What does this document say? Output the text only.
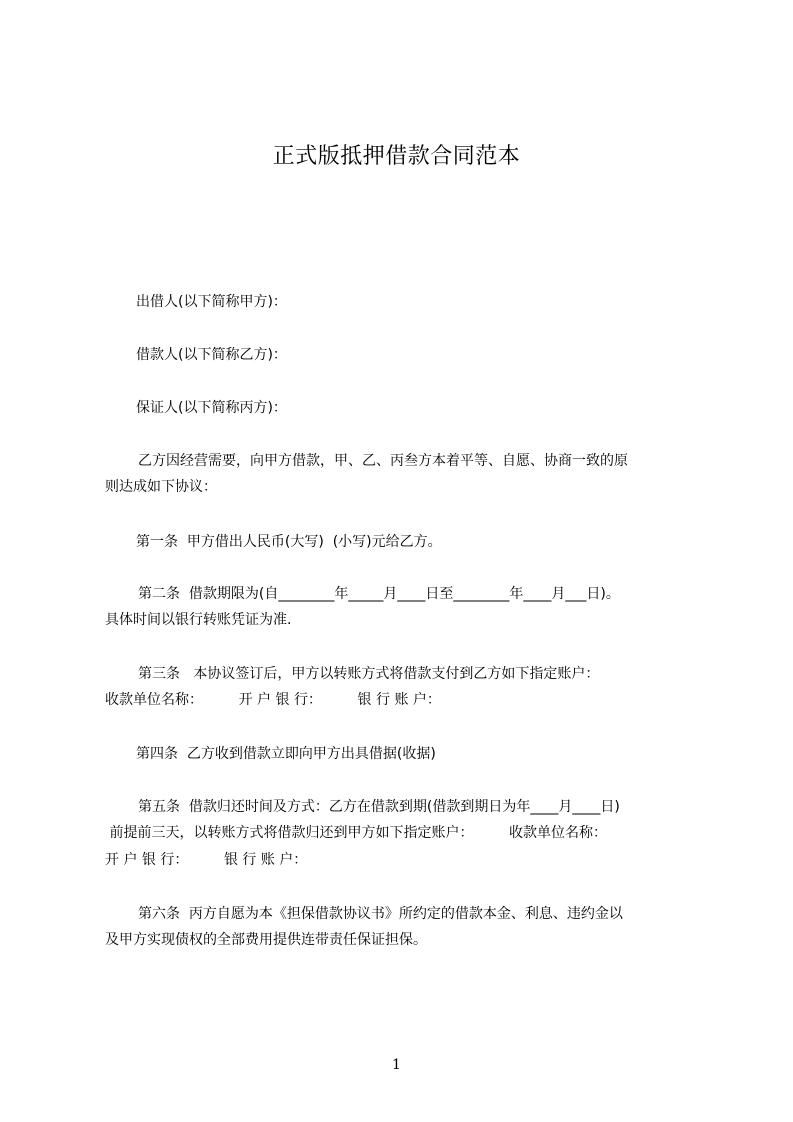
正式版抵押借款合同范本
出借人(以下简称甲方)：
借款人(以下简称乙方)：
保证人(以下简称丙方)：
乙方因经营需要，向甲方借款，甲、乙、丙叁方本着平等、自愿、协商一致的原
则达成如下协议：
第一条  甲方借出人民币(大写)  (小写)元给乙方。
第二条  借款期限为(自________年_____月____日至________年____月___日)。
具体时间以银行转账凭证为准.
第三条   本协议签订后，甲方以转账方式将借款支付到乙方如下指定账户：
收款单位名称：        开 户 银 行：        银 行 账 户：
第四条  乙方收到借款立即向甲方出具借据(收据)
第五条  借款归还时间及方式：乙方在借款到期(借款到期日为年____月____日)
前提前三天，以转账方式将借款归还到甲方如下指定账户：        收款单位名称：
开 户 银 行：        银 行 账 户：
第六条  丙方自愿为本《担保借款协议书》所约定的借款本金、利息、违约金以
及甲方实现债权的全部费用提供连带责任保证担保。
1
